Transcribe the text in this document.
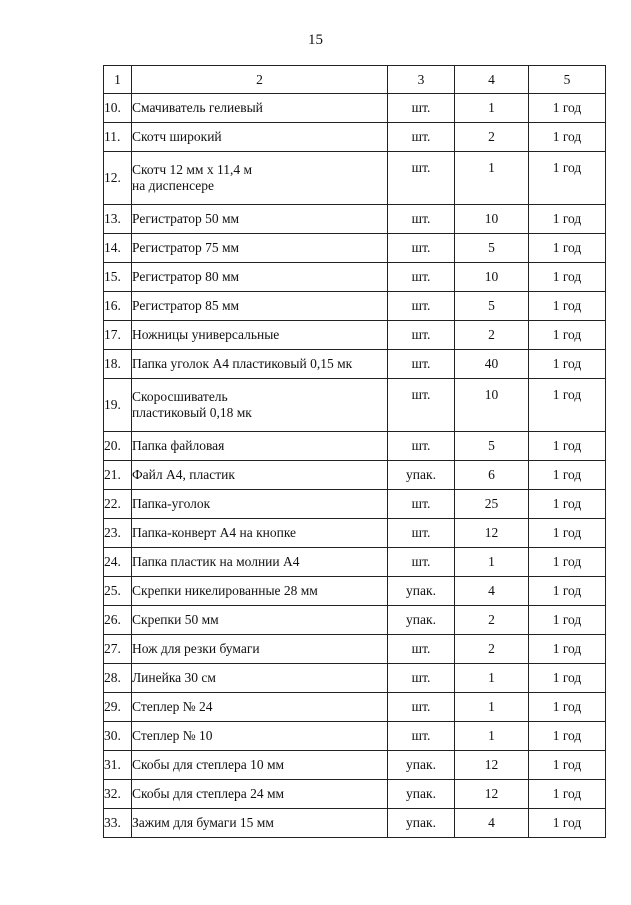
15
1	2	3	4	5
10.	Смачиватель гелиевый	шт.	1	1 год
11.	Скотч широкий	шт.	2	1 год
12.	Скотч 12 мм х 11,4 м
на диспенсере	шт.	1	1 год
13.	Регистратор 50 мм	шт.	10	1 год
14.	Регистратор 75 мм	шт.	5	1 год
15.	Регистратор 80 мм	шт.	10	1 год
16.	Регистратор 85 мм	шт.	5	1 год
17.	Ножницы универсальные	шт.	2	1 год
18.	Папка уголок А4 пластиковый 0,15 мк	шт.	40	1 год
19.	Скоросшиватель
пластиковый 0,18 мк	шт.	10	1 год
20.	Папка файловая	шт.	5	1 год
21.	Файл А4, пластик	упак.	6	1 год
22.	Папка-уголок	шт.	25	1 год
23.	Папка-конверт А4 на кнопке	шт.	12	1 год
24.	Папка пластик на молнии А4	шт.	1	1 год
25.	Скрепки никелированные 28 мм	упак.	4	1 год
26.	Скрепки 50 мм	упак.	2	1 год
27.	Нож для резки бумаги	шт.	2	1 год
28.	Линейка 30 см	шт.	1	1 год
29.	Степлер № 24	шт.	1	1 год
30.	Степлер № 10	шт.	1	1 год
31.	Скобы для степлера 10 мм	упак.	12	1 год
32.	Скобы для степлера 24 мм	упак.	12	1 год
33.	Зажим для бумаги 15 мм	упак.	4	1 год
